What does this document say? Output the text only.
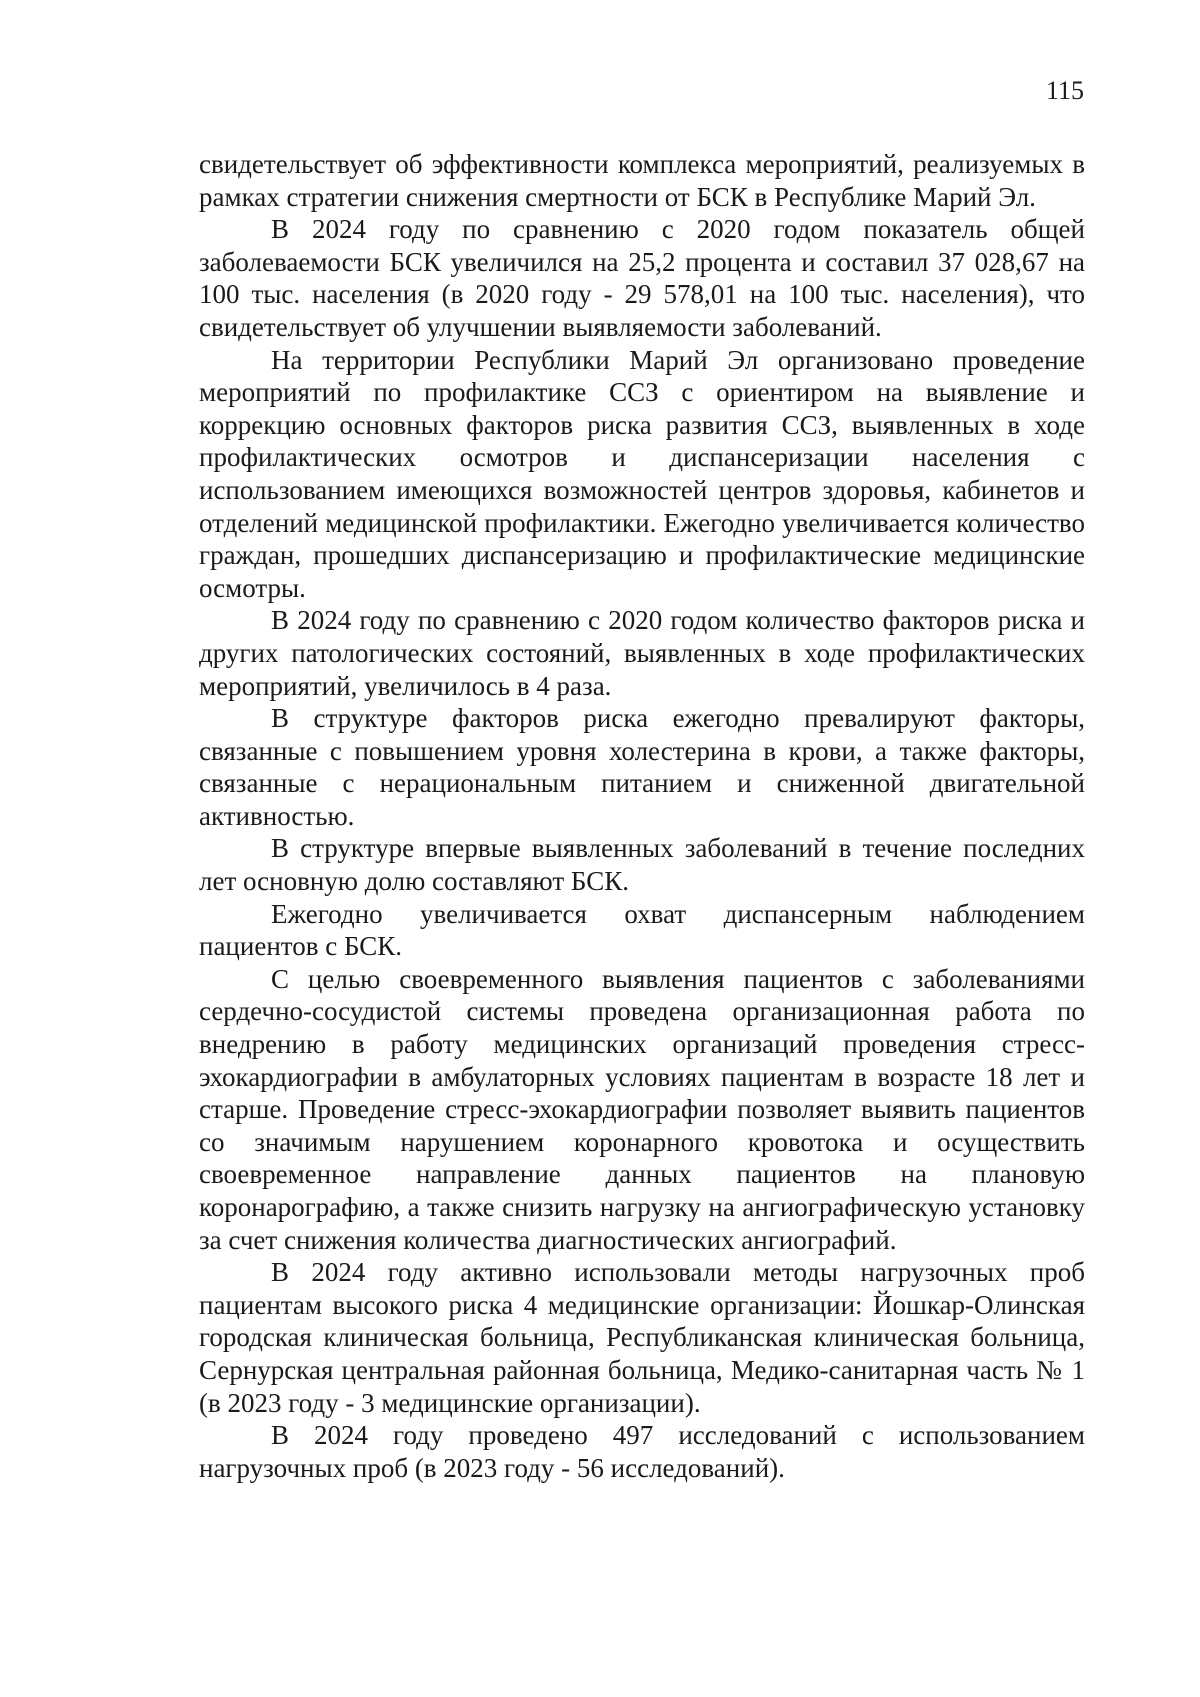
115

свидетельствует об эффективности комплекса мероприятий, реализуемых в рамках стратегии снижения смертности от БСК в Республике Марий Эл.

В 2024 году по сравнению с 2020 годом показатель общей заболеваемости БСК увеличился на 25,2 процента и составил 37 028,67 на 100 тыс. населения (в 2020 году - 29 578,01 на 100 тыс. населения), что свидетельствует об улучшении выявляемости заболеваний.

На территории Республики Марий Эл организовано проведение мероприятий по профилактике ССЗ с ориентиром на выявление и коррекцию основных факторов риска развития ССЗ, выявленных в ходе профилактических осмотров и диспансеризации населения с использованием имеющихся возможностей центров здоровья, кабинетов и отделений медицинской профилактики. Ежегодно увеличивается количество граждан, прошедших диспансеризацию и профилактические медицинские осмотры.

В 2024 году по сравнению с 2020 годом количество факторов риска и других патологических состояний, выявленных в ходе профилактических мероприятий, увеличилось в 4 раза.

В структуре факторов риска ежегодно превалируют факторы, связанные с повышением уровня холестерина в крови, а также факторы, связанные с нерациональным питанием и сниженной двигательной активностью.

В структуре впервые выявленных заболеваний в течение последних лет основную долю составляют БСК.

Ежегодно увеличивается охват диспансерным наблюдением пациентов с БСК.

С целью своевременного выявления пациентов с заболеваниями сердечно-сосудистой системы проведена организационная работа по внедрению в работу медицинских организаций проведения стресс-эхокардиографии в амбулаторных условиях пациентам в возрасте 18 лет и старше. Проведение стресс-эхокардиографии позволяет выявить пациентов со значимым нарушением коронарного кровотока и осуществить своевременное направление данных пациентов на плановую коронарографию, а также снизить нагрузку на ангиографическую установку за счет снижения количества диагностических ангиографий.

В 2024 году активно использовали методы нагрузочных проб пациентам высокого риска 4 медицинские организации: Йошкар-Олинская городская клиническая больница, Республиканская клиническая больница, Сернурская центральная районная больница, Медико-санитарная часть № 1 (в 2023 году - 3 медицинские организации).

В 2024 году проведено 497 исследований с использованием нагрузочных проб (в 2023 году - 56 исследований).
